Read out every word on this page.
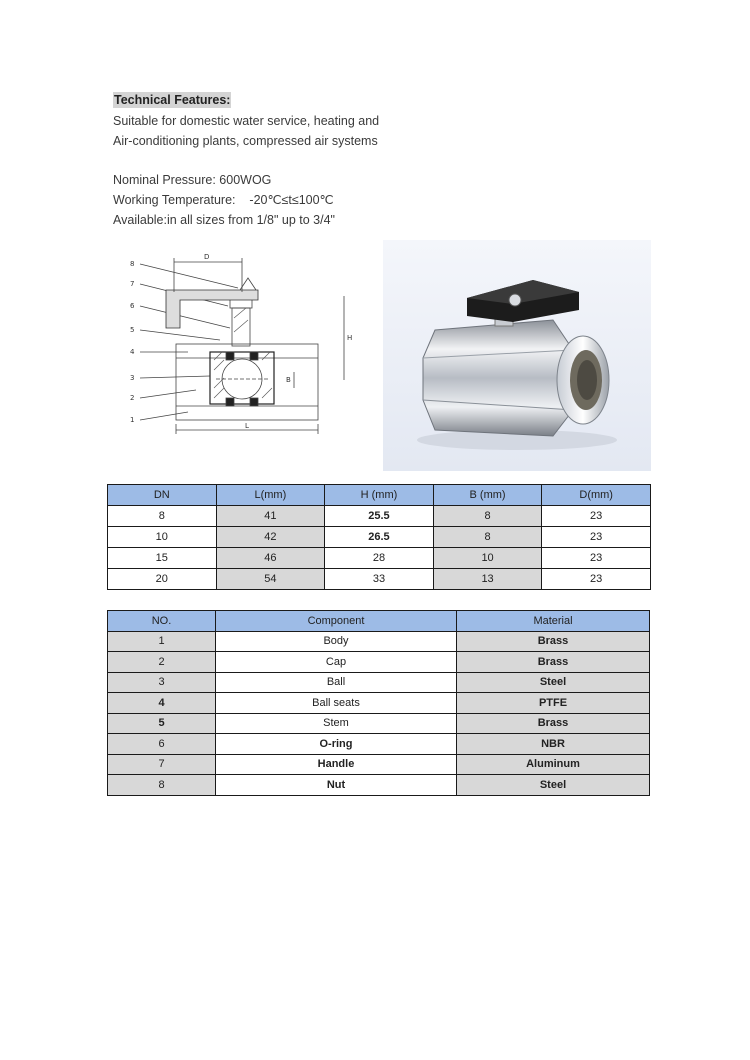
Technical Features:
Suitable for domestic water service, heating and
Air-conditioning plants, compressed air systems
Nominal Pressure: 600WOG
Working Temperature:    -20℃≤t≤100℃
Available:in all sizes from 1/8" up to 3/4"
8
7
6
5
4
3
2
1
D
H
B
L
DN	L(mm)	H (mm)	B (mm)	D(mm)
8	41	25.5	8	23
10	42	26.5	8	23
15	46	28	10	23
20	54	33	13	23
NO.	Component	Material
1	Body	Brass
2	Cap	Brass
3	Ball	Steel
4	Ball seats	PTFE
5	Stem	Brass
6	O-ring	NBR
7	Handle	Aluminum
8	Nut	Steel
